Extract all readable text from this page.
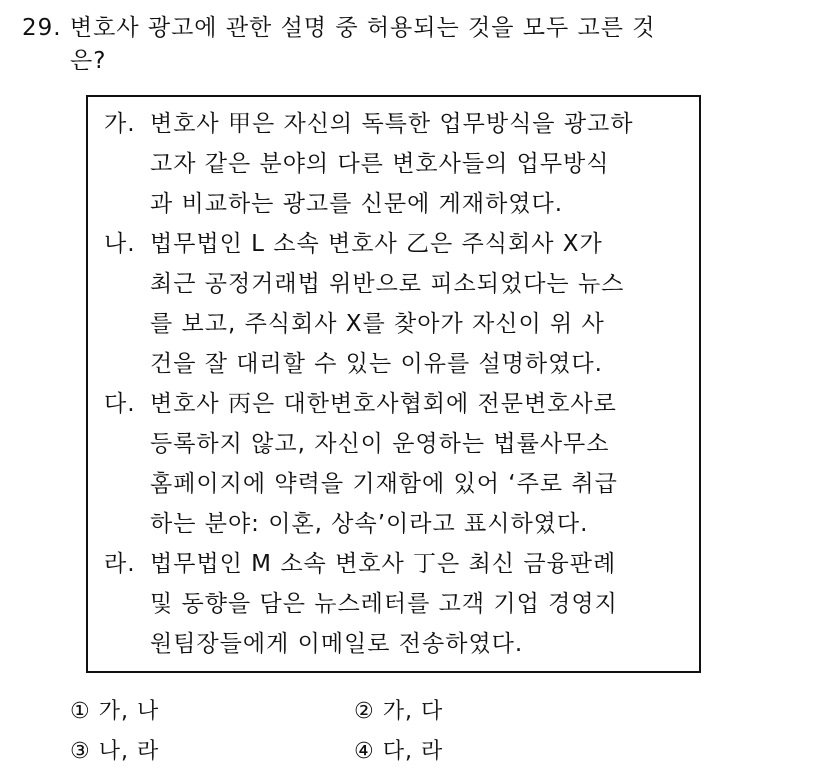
29. 변호사 광고에 관한 설명 중 허용되는 것을 모두 고른 것
은?
가. 변호사 甲은 자신의 독특한 업무방식을 광고하
고자 같은 분야의 다른 변호사들의 업무방식
과 비교하는 광고를 신문에 게재하였다.
나. 법무법인 L 소속 변호사 乙은 주식회사 X가
최근 공정거래법 위반으로 피소되었다는 뉴스
를 보고, 주식회사 X를 찾아가 자신이 위 사
건을 잘 대리할 수 있는 이유를 설명하였다.
다. 변호사 丙은 대한변호사협회에 전문변호사로
등록하지 않고, 자신이 운영하는 법률사무소
홈페이지에 약력을 기재함에 있어 ‘주로 취급
하는 분야: 이혼, 상속’이라고 표시하였다.
라. 법무법인 M 소속 변호사 丁은 최신 금융판례
및 동향을 담은 뉴스레터를 고객 기업 경영지
원팀장들에게 이메일로 전송하였다.
① 가, 나	② 가, 다
③ 나, 라	④ 다, 라
